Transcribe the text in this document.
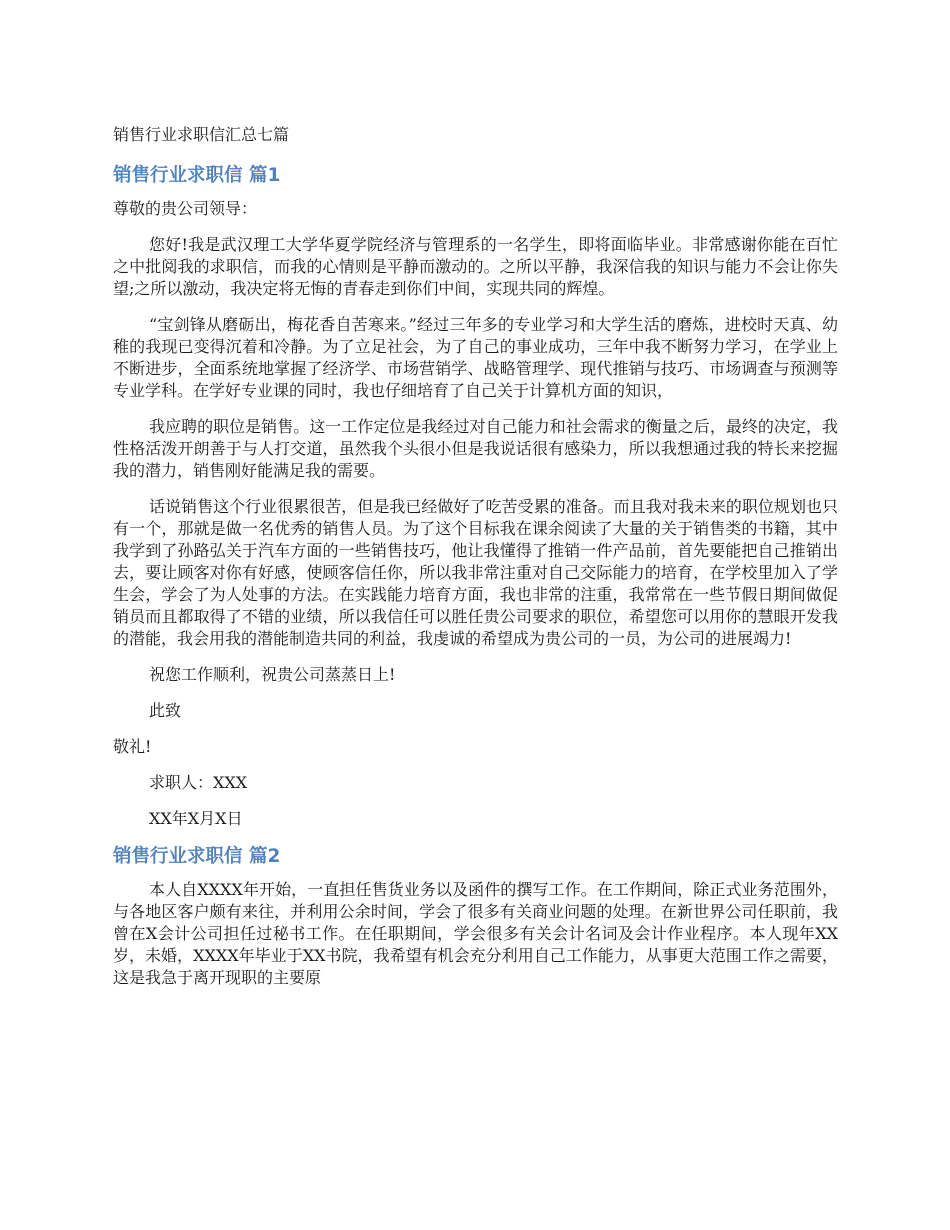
销售行业求职信汇总七篇
销售行业求职信 篇1

尊敬的贵公司领导：

您好!我是武汉理工大学华夏学院经济与管理系的一名学生，即将面临毕业。非常感谢你能在百忙之中批阅我的求职信，而我的心情则是平静而激动的。之所以平静，我深信我的知识与能力不会让你失望;之所以激动，我决定将无悔的青春走到你们中间，实现共同的辉煌。

“宝剑锋从磨砺出，梅花香自苦寒来。”经过三年多的专业学习和大学生活的磨炼，进校时天真、幼稚的我现已变得沉着和冷静。为了立足社会，为了自己的事业成功，三年中我不断努力学习，在学业上不断进步，全面系统地掌握了经济学、市场营销学、战略管理学、现代推销与技巧、市场调查与预测等专业学科。在学好专业课的同时，我也仔细培育了自己关于计算机方面的知识，

我应聘的职位是销售。这一工作定位是我经过对自己能力和社会需求的衡量之后，最终的决定，我性格活泼开朗善于与人打交道，虽然我个头很小但是我说话很有感染力，所以我想通过我的特长来挖掘我的潜力，销售刚好能满足我的需要。

话说销售这个行业很累很苦，但是我已经做好了吃苦受累的准备。而且我对我未来的职位规划也只有一个，那就是做一名优秀的销售人员。为了这个目标我在课余阅读了大量的关于销售类的书籍，其中我学到了孙路弘关于汽车方面的一些销售技巧，他让我懂得了推销一件产品前，首先要能把自己推销出去，要让顾客对你有好感，使顾客信任你，所以我非常注重对自己交际能力的培育，在学校里加入了学生会，学会了为人处事的方法。在实践能力培育方面，我也非常的注重，我常常在一些节假日期间做促销员而且都取得了不错的业绩，所以我信任可以胜任贵公司要求的职位，希望您可以用你的慧眼开发我的潜能，我会用我的潜能制造共同的利益，我虔诚的希望成为贵公司的一员，为公司的进展竭力!

祝您工作顺利，祝贵公司蒸蒸日上!

此致

敬礼!

求职人：XXX

XX年X月X日

销售行业求职信 篇2

本人自XXXX年开始，一直担任售货业务以及函件的撰写工作。在工作期间，除正式业务范围外，与各地区客户颇有来往，并利用公余时间，学会了很多有关商业问题的处理。在新世界公司任职前，我曾在X会计公司担任过秘书工作。在任职期间，学会很多有关会计名词及会计作业程序。本人现年XX岁，未婚，XXXX年毕业于XX书院，我希望有机会充分利用自己工作能力，从事更大范围工作之需要，这是我急于离开现职的主要原
